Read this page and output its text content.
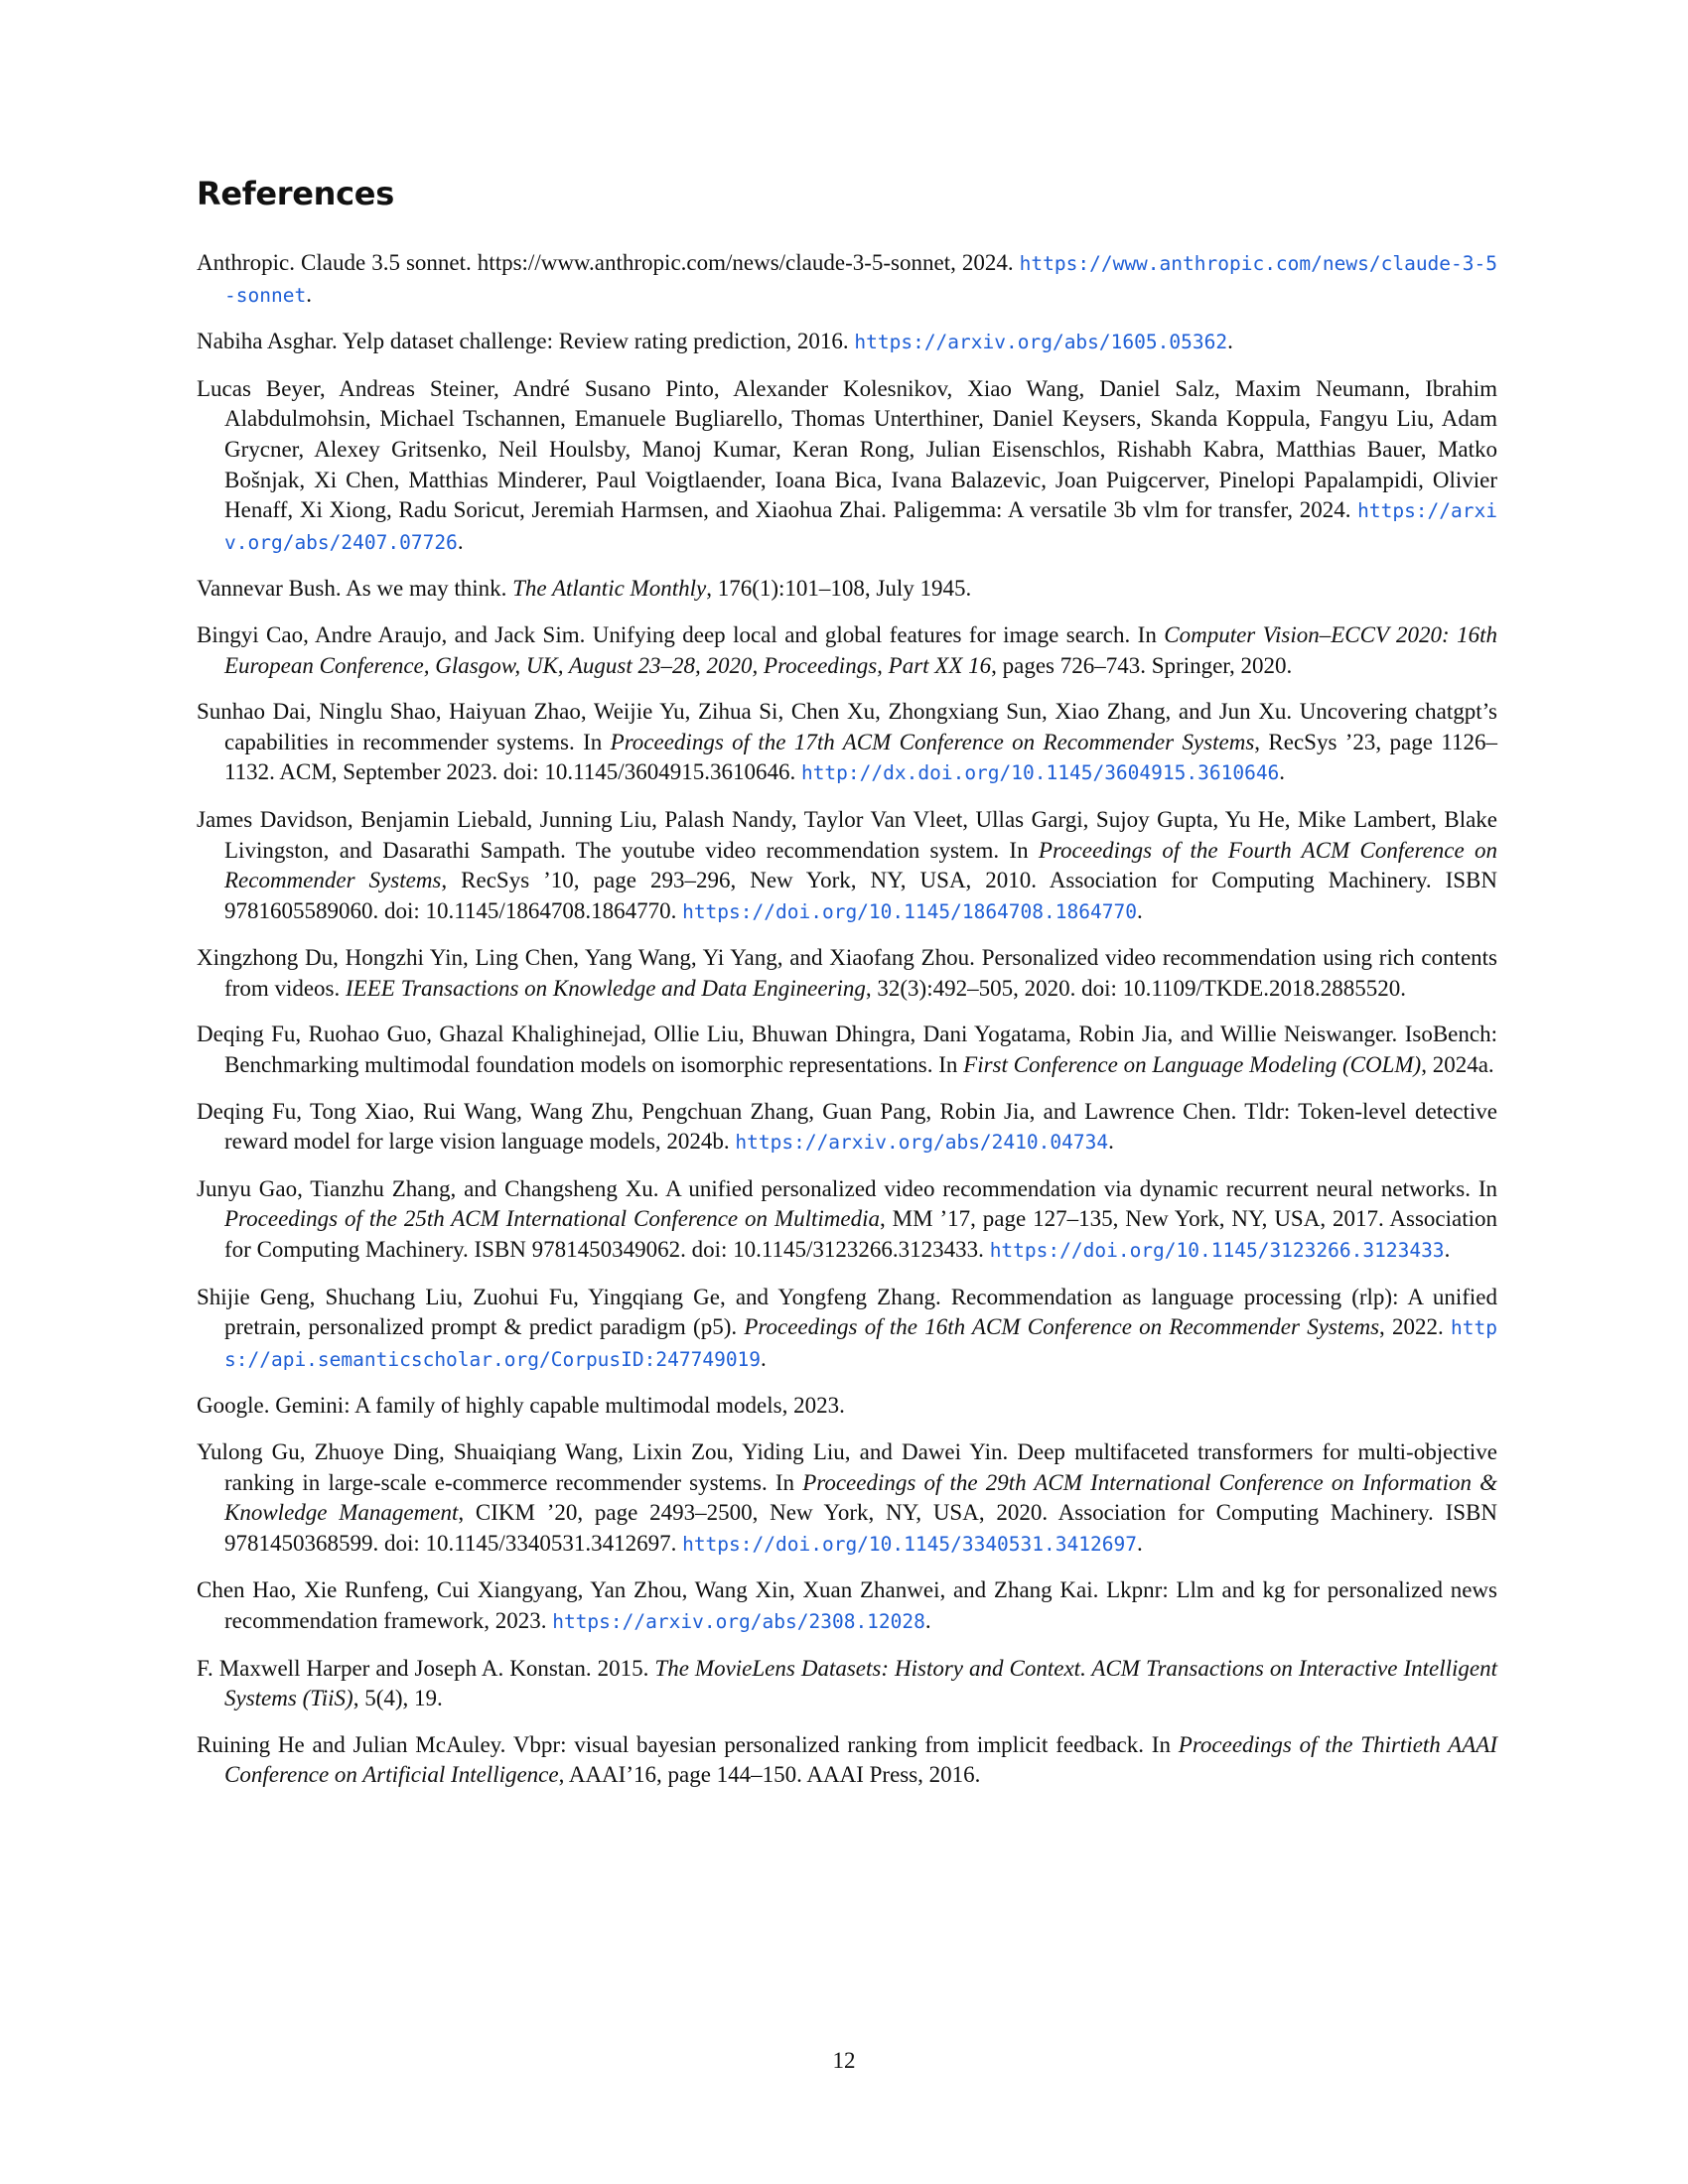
References

Anthropic. Claude 3.5 sonnet. https://www.anthropic.com/news/claude-3-5-sonnet, 2024. https://www.anthropic.com/news/claude-3-5-sonnet.

Nabiha Asghar. Yelp dataset challenge: Review rating prediction, 2016. https://arxiv.org/abs/1605.05362.

Lucas Beyer, Andreas Steiner, André Susano Pinto, Alexander Kolesnikov, Xiao Wang, Daniel Salz, Maxim Neumann, Ibrahim Alabdulmohsin, Michael Tschannen, Emanuele Bugliarello, Thomas Unterthiner, Daniel Keysers, Skanda Koppula, Fangyu Liu, Adam Grycner, Alexey Gritsenko, Neil Houlsby, Manoj Kumar, Keran Rong, Julian Eisenschlos, Rishabh Kabra, Matthias Bauer, Matko Bošnjak, Xi Chen, Matthias Minderer, Paul Voigtlaender, Ioana Bica, Ivana Balazevic, Joan Puigcerver, Pinelopi Papalampidi, Olivier Henaff, Xi Xiong, Radu Soricut, Jeremiah Harmsen, and Xiaohua Zhai. Paligemma: A versatile 3b vlm for transfer, 2024. https://arxiv.org/abs/2407.07726.

Vannevar Bush. As we may think. The Atlantic Monthly, 176(1):101–108, July 1945.

Bingyi Cao, Andre Araujo, and Jack Sim. Unifying deep local and global features for image search. In Computer Vision–ECCV 2020: 16th European Conference, Glasgow, UK, August 23–28, 2020, Proceedings, Part XX 16, pages 726–743. Springer, 2020.

Sunhao Dai, Ninglu Shao, Haiyuan Zhao, Weijie Yu, Zihua Si, Chen Xu, Zhongxiang Sun, Xiao Zhang, and Jun Xu. Uncovering chatgpt’s capabilities in recommender systems. In Proceedings of the 17th ACM Conference on Recommender Systems, RecSys ’23, page 1126–1132. ACM, September 2023. doi: 10.1145/3604915.3610646. http://dx.doi.org/10.1145/3604915.3610646.

James Davidson, Benjamin Liebald, Junning Liu, Palash Nandy, Taylor Van Vleet, Ullas Gargi, Sujoy Gupta, Yu He, Mike Lambert, Blake Livingston, and Dasarathi Sampath. The youtube video recommendation system. In Proceedings of the Fourth ACM Conference on Recommender Systems, RecSys ’10, page 293–296, New York, NY, USA, 2010. Association for Computing Machinery. ISBN 9781605589060. doi: 10.1145/1864708.1864770. https://doi.org/10.1145/1864708.1864770.

Xingzhong Du, Hongzhi Yin, Ling Chen, Yang Wang, Yi Yang, and Xiaofang Zhou. Personalized video recommendation using rich contents from videos. IEEE Transactions on Knowledge and Data Engineering, 32(3):492–505, 2020. doi: 10.1109/TKDE.2018.2885520.

Deqing Fu, Ruohao Guo, Ghazal Khalighinejad, Ollie Liu, Bhuwan Dhingra, Dani Yogatama, Robin Jia, and Willie Neiswanger. IsoBench: Benchmarking multimodal foundation models on isomorphic representations. In First Conference on Language Modeling (COLM), 2024a.

Deqing Fu, Tong Xiao, Rui Wang, Wang Zhu, Pengchuan Zhang, Guan Pang, Robin Jia, and Lawrence Chen. Tldr: Token-level detective reward model for large vision language models, 2024b. https://arxiv.org/abs/2410.04734.

Junyu Gao, Tianzhu Zhang, and Changsheng Xu. A unified personalized video recommendation via dynamic recurrent neural networks. In Proceedings of the 25th ACM International Conference on Multimedia, MM ’17, page 127–135, New York, NY, USA, 2017. Association for Computing Machinery. ISBN 9781450349062. doi: 10.1145/3123266.3123433. https://doi.org/10.1145/3123266.3123433.

Shijie Geng, Shuchang Liu, Zuohui Fu, Yingqiang Ge, and Yongfeng Zhang. Recommendation as language processing (rlp): A unified pretrain, personalized prompt & predict paradigm (p5). Proceedings of the 16th ACM Conference on Recommender Systems, 2022. https://api.semanticscholar.org/CorpusID:247749019.

Google. Gemini: A family of highly capable multimodal models, 2023.

Yulong Gu, Zhuoye Ding, Shuaiqiang Wang, Lixin Zou, Yiding Liu, and Dawei Yin. Deep multifaceted transformers for multi-objective ranking in large-scale e-commerce recommender systems. In Proceedings of the 29th ACM International Conference on Information & Knowledge Management, CIKM ’20, page 2493–2500, New York, NY, USA, 2020. Association for Computing Machinery. ISBN 9781450368599. doi: 10.1145/3340531.3412697. https://doi.org/10.1145/3340531.3412697.

Chen Hao, Xie Runfeng, Cui Xiangyang, Yan Zhou, Wang Xin, Xuan Zhanwei, and Zhang Kai. Lkpnr: Llm and kg for personalized news recommendation framework, 2023. https://arxiv.org/abs/2308.12028.

F. Maxwell Harper and Joseph A. Konstan. 2015. The MovieLens Datasets: History and Context. ACM Transactions on Interactive Intelligent Systems (TiiS), 5(4), 19.

Ruining He and Julian McAuley. Vbpr: visual bayesian personalized ranking from implicit feedback. In Proceedings of the Thirtieth AAAI Conference on Artificial Intelligence, AAAI’16, page 144–150. AAAI Press, 2016.

12
